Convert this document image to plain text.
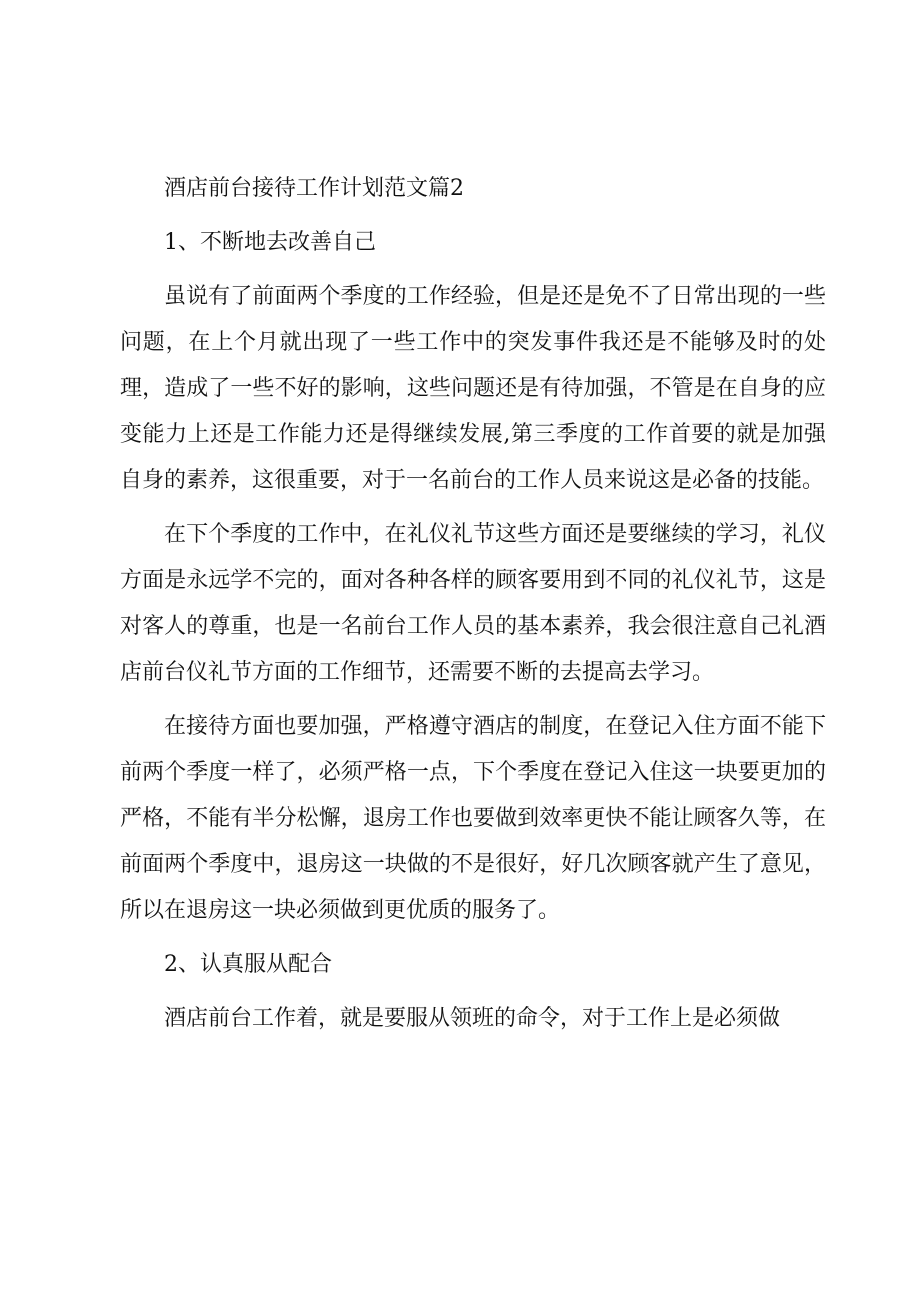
酒店前台接待工作计划范文篇2

1、不断地去改善自己

虽说有了前面两个季度的工作经验，但是还是免不了日常出现的一些问题，在上个月就出现了一些工作中的突发事件我还是不能够及时的处理，造成了一些不好的影响，这些问题还是有待加强，不管是在自身的应变能力上还是工作能力还是得继续发展,第三季度的工作首要的就是加强自身的素养，这很重要，对于一名前台的工作人员来说这是必备的技能。

在下个季度的工作中，在礼仪礼节这些方面还是要继续的学习，礼仪方面是永远学不完的，面对各种各样的顾客要用到不同的礼仪礼节，这是对客人的尊重，也是一名前台工作人员的基本素养，我会很注意自己礼酒店前台仪礼节方面的工作细节，还需要不断的去提高去学习。

在接待方面也要加强，严格遵守酒店的制度，在登记入住方面不能下前两个季度一样了，必须严格一点，下个季度在登记入住这一块要更加的严格，不能有半分松懈，退房工作也要做到效率更快不能让顾客久等，在前面两个季度中，退房这一块做的不是很好，好几次顾客就产生了意见，所以在退房这一块必须做到更优质的服务了。

2、认真服从配合

酒店前台工作着，就是要服从领班的命令，对于工作上是必须做
